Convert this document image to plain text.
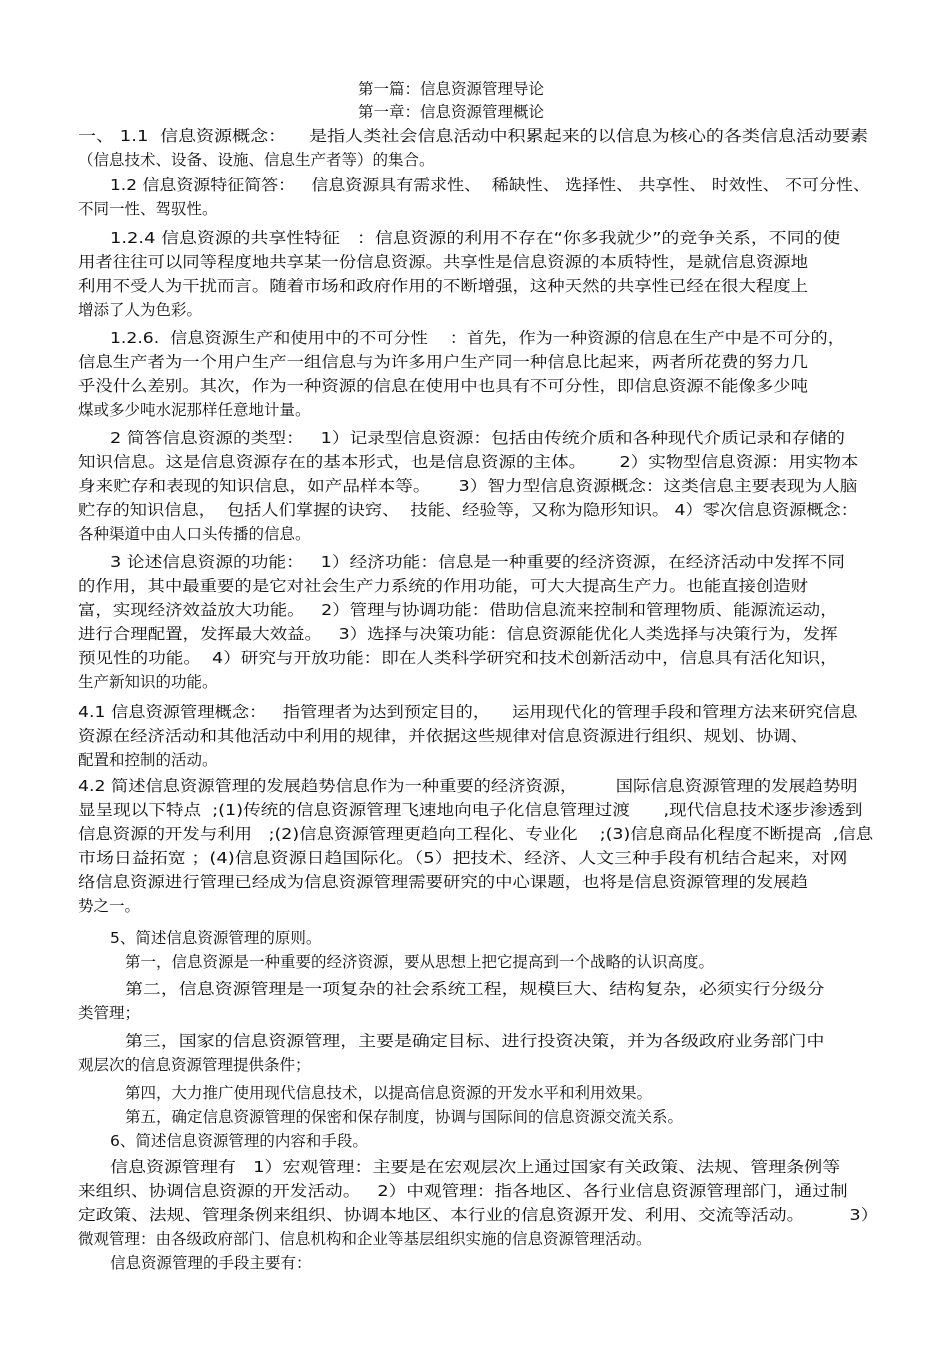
第一篇：信息资源管理导论
第一章：信息资源管理概论
一、 1.1  信息资源概念：    是指人类社会信息活动中积累起来的以信息为核心的各类信息活动要素
（信息技术、设备、设施、信息生产者等）的集合。
1.2 信息资源特征简答：   信息资源具有需求性、  稀缺性、 选择性、 共享性、 时效性、 不可分性、
不同一性、驾驭性。
1.2.4 信息资源的共享性特征   ：信息资源的利用不存在“你多我就少”的竞争关系，不同的使
用者往往可以同等程度地共享某一份信息资源。共享性是信息资源的本质特性，是就信息资源地
利用不受人为干扰而言。随着市场和政府作用的不断增强，这种天然的共享性已经在很大程度上
增添了人为色彩。
1.2.6.  信息资源生产和使用中的不可分性    ：首先，作为一种资源的信息在生产中是不可分的，
信息生产者为一个用户生产一组信息与为许多用户生产同一种信息比起来，两者所花费的努力几
乎没什么差别。其次，作为一种资源的信息在使用中也具有不可分性，即信息资源不能像多少吨
煤或多少吨水泥那样任意地计量。
2 简答信息资源的类型：   1）记录型信息资源：包括由传统介质和各种现代介质记录和存储的
知识信息。这是信息资源存在的基本形式，也是信息资源的主体。      2）实物型信息资源：用实物本
身来贮存和表现的知识信息，如产品样本等。     3）智力型信息资源概念：这类信息主要表现为人脑
贮存的知识信息，  包括人们掌握的诀窍、  技能、经验等，又称为隐形知识。 4）零次信息资源概念：
各种渠道中由人口头传播的信息。
3 论述信息资源的功能：   1）经济功能：信息是一种重要的经济资源，在经济活动中发挥不同
的作用，其中最重要的是它对社会生产力系统的作用功能，可大大提高生产力。也能直接创造财
富，实现经济效益放大功能。   2）管理与协调功能：借助信息流来控制和管理物质、能源流运动，
进行合理配置，发挥最大效益。   3）选择与决策功能：信息资源能优化人类选择与决策行为，发挥
预见性的功能。  4）研究与开放功能：即在人类科学研究和技术创新活动中，信息具有活化知识，
生产新知识的功能。
4.1 信息资源管理概念：   指管理者为达到预定目的，    运用现代化的管理手段和管理方法来研究信息
资源在经济活动和其他活动中利用的规律，并依据这些规律对信息资源进行组织、规划、协调、
配置和控制的活动。
4.2 简述信息资源管理的发展趋势信息作为一种重要的经济资源，       国际信息资源管理的发展趋势明
显呈现以下特点  ;(1)传统的信息资源管理飞速地向电子化信息管理过渡      ,现代信息技术逐步渗透到
信息资源的开发与利用   ;(2)信息资源管理更趋向工程化、专业化    ;(3)信息商品化程度不断提高  ,信息
市场日益拓宽 ；(4)信息资源日趋国际化。（5）把技术、经济、人文三种手段有机结合起来，对网
络信息资源进行管理已经成为信息资源管理需要研究的中心课题，也将是信息资源管理的发展趋
势之一。
5、简述信息资源管理的原则。
第一，信息资源是一种重要的经济资源，要从思想上把它提高到一个战略的认识高度。
第二，信息资源管理是一项复杂的社会系统工程，规模巨大、结构复杂，必须实行分级分
类管理；
第三，国家的信息资源管理，主要是确定目标、进行投资决策，并为各级政府业务部门中
观层次的信息资源管理提供条件；
第四，大力推广使用现代信息技术，以提高信息资源的开发水平和利用效果。
第五，确定信息资源管理的保密和保存制度，协调与国际间的信息资源交流关系。
6、简述信息资源管理的内容和手段。
信息资源管理有   1）宏观管理：主要是在宏观层次上通过国家有关政策、法规、管理条例等
来组织、协调信息资源的开发活动。   2）中观管理：指各地区、各行业信息资源管理部门，通过制
定政策、法规、管理条例来组织、协调本地区、本行业的信息资源开发、利用、交流等活动。        3）
微观管理：由各级政府部门、信息机构和企业等基层组织实施的信息资源管理活动。
信息资源管理的手段主要有：
